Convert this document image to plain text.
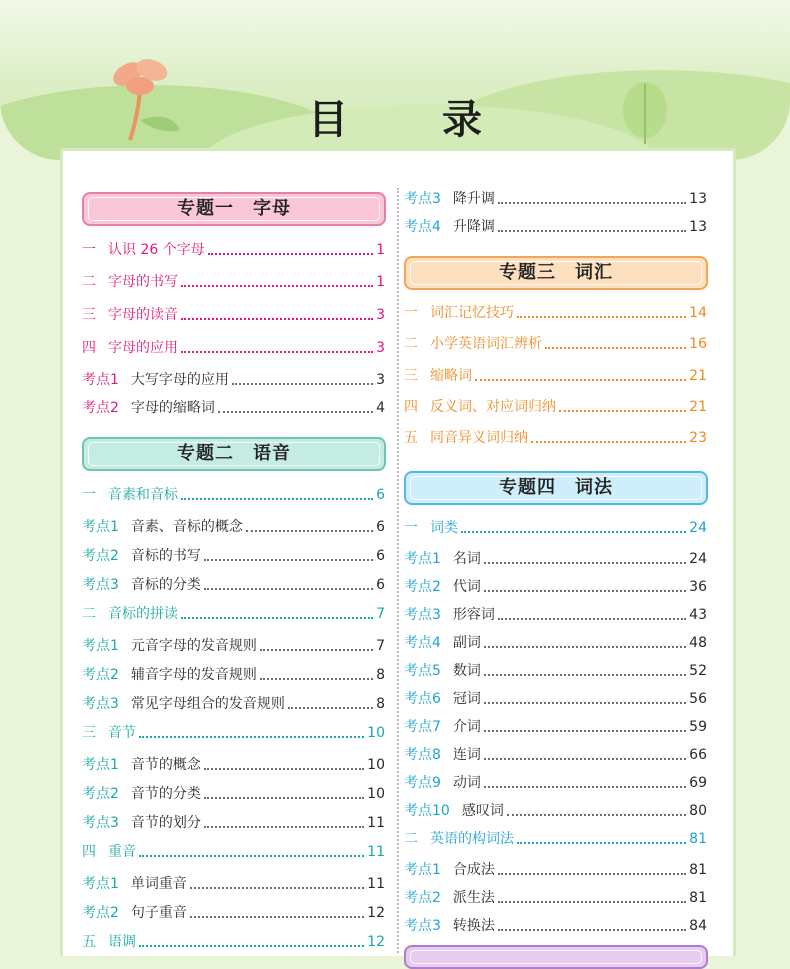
目 录
专题一　字母
一 认识 26 个字母	1
二 字母的书写	1
三 字母的读音	3
四 字母的应用	3
考点1 大写字母的应用	3
考点2 字母的缩略词	4
专题二　语音
一 音素和音标	6
考点1 音素、音标的概念	6
考点2 音标的书写	6
考点3 音标的分类	6
二 音标的拼读	7
考点1 元音字母的发音规则	7
考点2 辅音字母的发音规则	8
考点3 常见字母组合的发音规则	8
三 音节	10
考点1 音节的概念	10
考点2 音节的分类	10
考点3 音节的划分	11
四 重音	11
考点1 单词重音	11
考点2 句子重音	12
五 语调	12
考点3 降升调	13
考点4 升降调	13
专题三　词汇
一 词汇记忆技巧	14
二 小学英语词汇辨析	16
三 缩略词	21
四 反义词、对应词归纳	21
五 同音异义词归纳	23
专题四　词法
一 词类	24
考点1 名词	24
考点2 代词	36
考点3 形容词	43
考点4 副词	48
考点5 数词	52
考点6 冠词	56
考点7 介词	59
考点8 连词	66
考点9 动词	69
考点10 感叹词	80
二 英语的构词法	81
考点1 合成法	81
考点2 派生法	81
考点3 转换法	84
